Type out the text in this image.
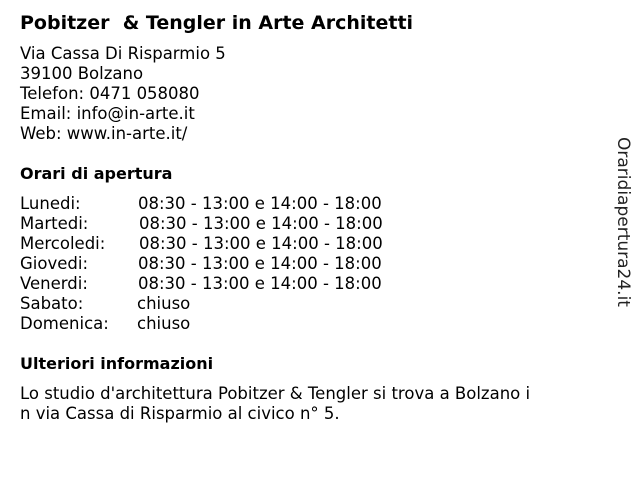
Pobitzer  & Tengler in Arte Architetti
Via Cassa Di Risparmio 5
39100 Bolzano
Telefon: 0471 058080
Email: info@in-arte.it
Web: www.in-arte.it/
Orari di apertura
Lunedi:	08:30 - 13:00 e 14:00 - 18:00
Martedi:	08:30 - 13:00 e 14:00 - 18:00
Mercoledi: 08:30 - 13:00 e 14:00 - 18:00
Giovedi:	08:30 - 13:00 e 14:00 - 18:00
Venerdi:	08:30 - 13:00 e 14:00 - 18:00
Sabato:	chiuso
Domenica: chiuso
Ulteriori informazioni
Lo studio d'architettura Pobitzer & Tengler si trova a Bolzano in via Cassa di Risparmio al civico n° 5.
Oraridiapertura24.it
